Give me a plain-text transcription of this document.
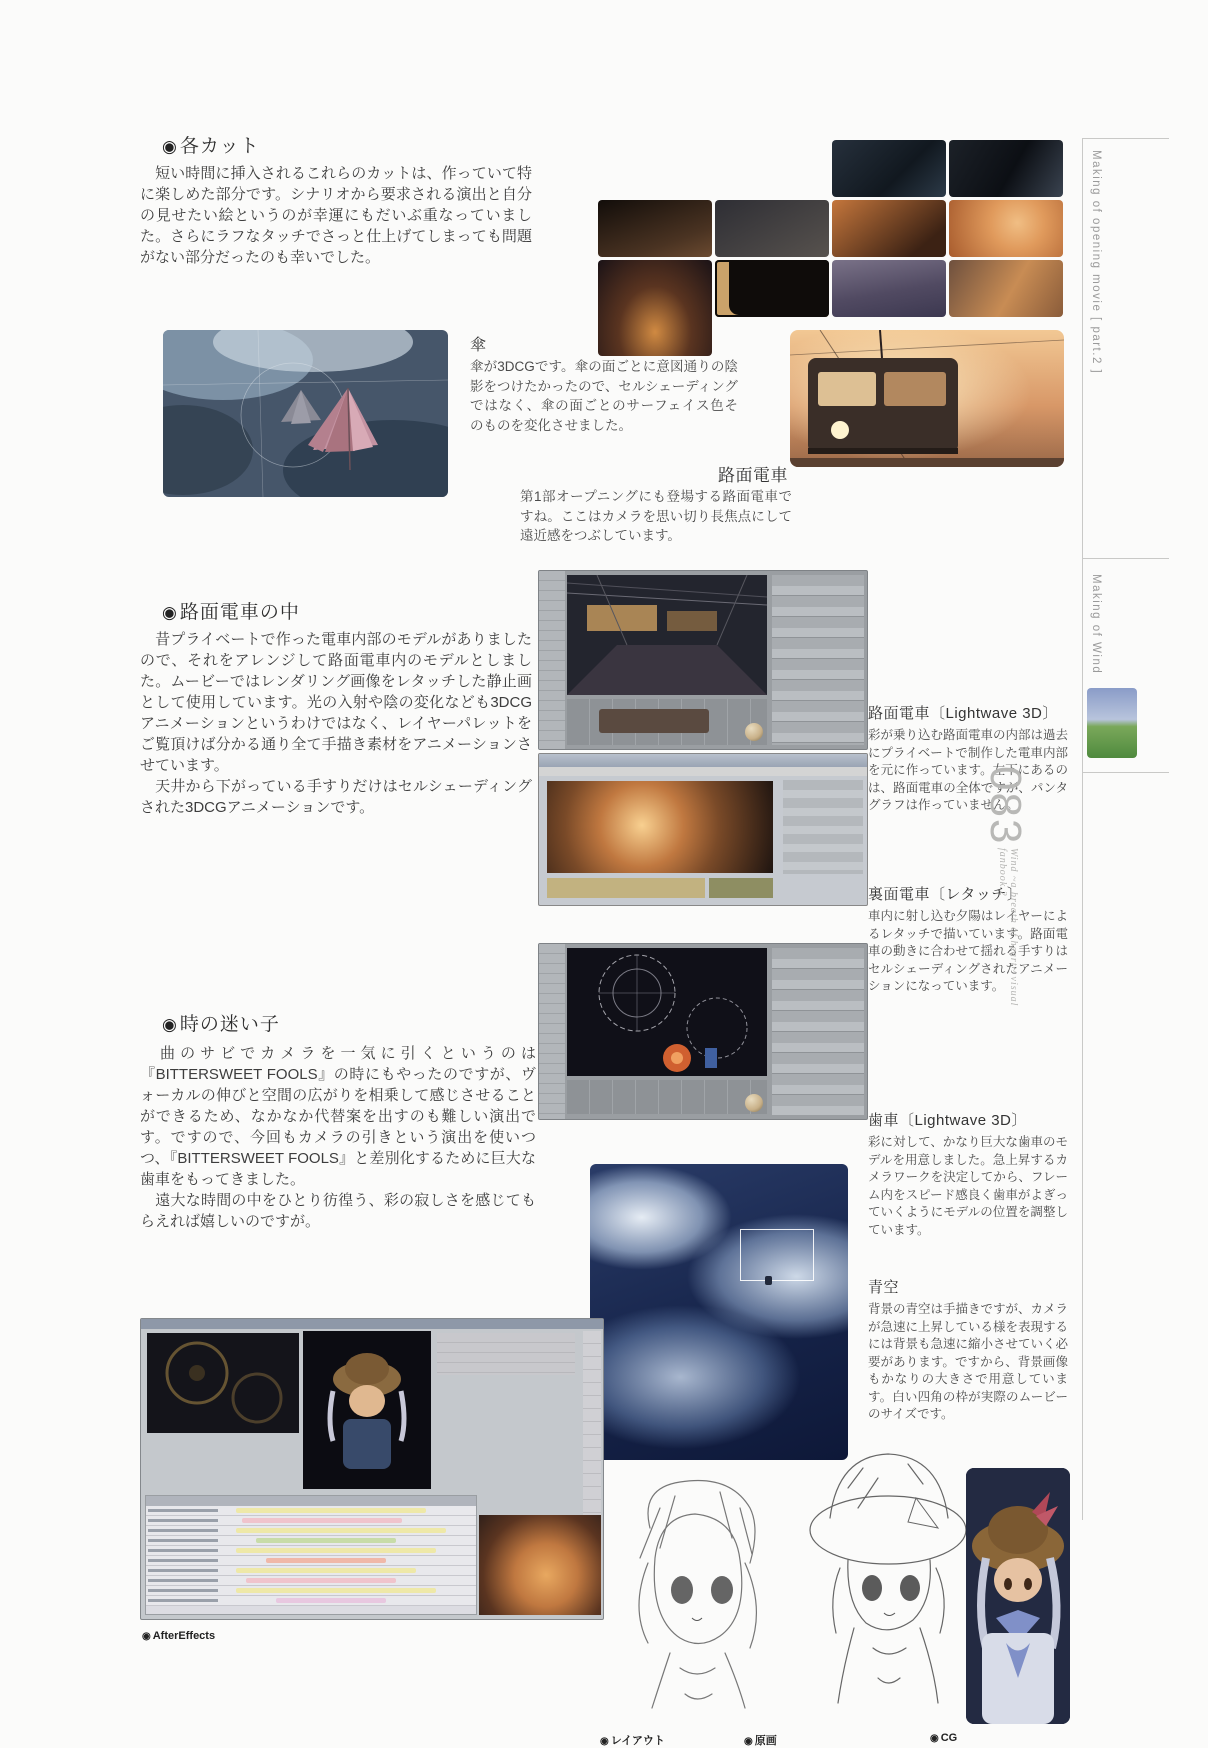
◉ 各カット

　短い時間に挿入されるこれらのカットは、作っていて特に楽しめた部分です。シナリオから要求される演出と自分の見せたい絵というのが幸運にもだいぶ重なっていました。さらにラフなタッチでさっと仕上げてしまっても問題がない部分だったのも幸いでした。

傘
傘が3DCGです。傘の面ごとに意図通りの陰影をつけたかったので、セルシェーディングではなく、傘の面ごとのサーフェイス色そのものを変化させました。
路面電車
第1部オープニングにも登場する路面電車ですね。ここはカメラを思い切り長焦点にして遠近感をつぶしています。
◉ 路面電車の中

　昔プライベートで作った電車内部のモデルがありましたので、それをアレンジして路面電車内のモデルとしました。ムービーではレンダリング画像をレタッチした静止画として使用しています。光の入射や陰の変化なども3DCGアニメーションというわけではなく、レイヤーパレットをご覧頂けば分かる通り全て手描き素材をアニメーションさせています。

　天井から下がっている手すりだけはセルシェーディングされた3DCGアニメーションです。

路面電車〔Lightwave 3D〕
彩が乗り込む路面電車の内部は過去にプライベートで制作した電車内部を元に作っています。左下にあるのは、路面電車の全体ですが、パンタグラフは作っていません。
裏面電車〔レタッチ〕
車内に射し込む夕陽はレイヤーによるレタッチで描いています。路面電車の動きに合わせて揺れる手すりはセルシェーディングされたアニメーションになっています。
◉ 時の迷い子

　曲のサビでカメラを一気に引くというのは『BITTERSWEET FOOLS』の時にもやったのですが、ヴォーカルの伸びと空間の広がりを相乗して感じさせることができるため、なかなか代替案を出すのも難しい演出です。ですので、今回もカメラの引きという演出を使いつつ、『BITTERSWEET FOOLS』と差別化するために巨大な歯車をもってきました。

　遠大な時間の中をひとり彷徨う、彩の寂しさを感じてもらえれば嬉しいのですが。

歯車〔Lightwave 3D〕
彩に対して、かなり巨大な歯車のモデルを用意しました。急上昇するカメラワークを決定してから、フレーム内をスピード感良く歯車がよぎっていくようにモデルの位置を調整しています。
青空
背景の青空は手描きですが、カメラが急速に上昇している様を表現するには背景も急速に縮小させていく必要があります。ですから、背景画像もかなりの大きさで用意しています。白い四角の枠が実際のムービーのサイズです。
◉ AfterEffects
◉ レイアウト	◉ 原画	◉ CG
Making of opening movie [ part.2 ]
Making of Wind
083
Wind ~a breath of heart~ visual fanbook.2
